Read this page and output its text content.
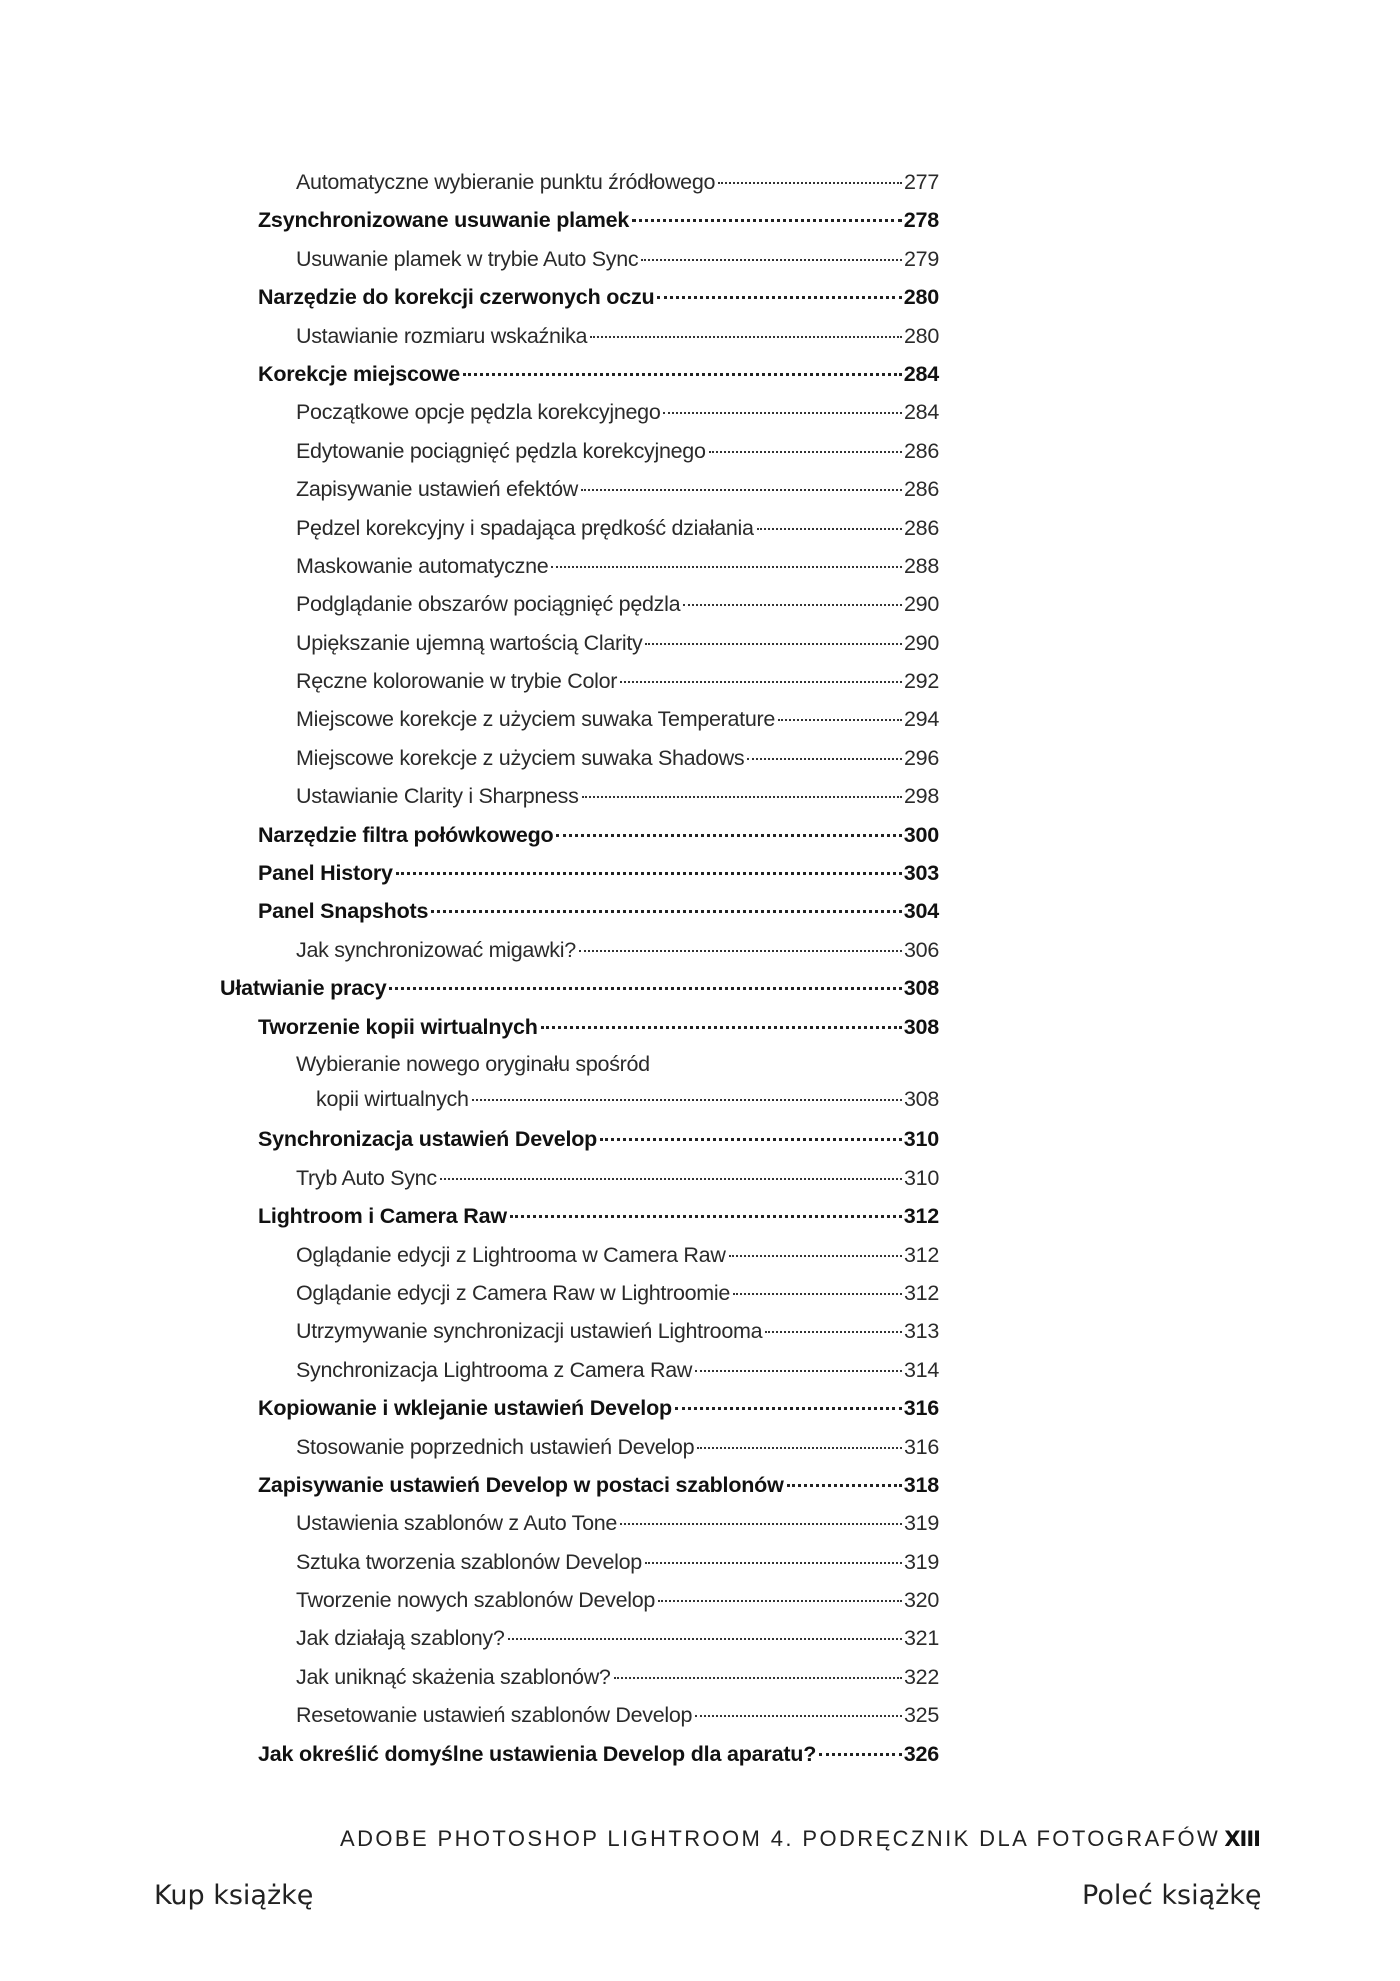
Automatyczne wybieranie punktu źródłowego	277
Zsynchronizowane usuwanie plamek	278
Usuwanie plamek w trybie Auto Sync	279
Narzędzie do korekcji czerwonych oczu	280
Ustawianie rozmiaru wskaźnika	280
Korekcje miejscowe	284
Początkowe opcje pędzla korekcyjnego	284
Edytowanie pociągnięć pędzla korekcyjnego	286
Zapisywanie ustawień efektów	286
Pędzel korekcyjny i spadająca prędkość działania	286
Maskowanie automatyczne	288
Podglądanie obszarów pociągnięć pędzla	290
Upiększanie ujemną wartością Clarity	290
Ręczne kolorowanie w trybie Color	292
Miejscowe korekcje z użyciem suwaka Temperature	294
Miejscowe korekcje z użyciem suwaka Shadows	296
Ustawianie Clarity i Sharpness	298
Narzędzie filtra połówkowego	300
Panel History	303
Panel Snapshots	304
Jak synchronizować migawki?	306
Ułatwianie pracy	308
Tworzenie kopii wirtualnych	308
Wybieranie nowego oryginału spośród
kopii wirtualnych	308
Synchronizacja ustawień Develop	310
Tryb Auto Sync	310
Lightroom i Camera Raw	312
Oglądanie edycji z Lightrooma w Camera Raw	312
Oglądanie edycji z Camera Raw w Lightroomie	312
Utrzymywanie synchronizacji ustawień Lightrooma	313
Synchronizacja Lightrooma z Camera Raw	314
Kopiowanie i wklejanie ustawień Develop	316
Stosowanie poprzednich ustawień Develop	316
Zapisywanie ustawień Develop w postaci szablonów	318
Ustawienia szablonów z Auto Tone	319
Sztuka tworzenia szablonów Develop	319
Tworzenie nowych szablonów Develop	320
Jak działają szablony?	321
Jak uniknąć skażenia szablonów?	322
Resetowanie ustawień szablonów Develop	325
Jak określić domyślne ustawienia Develop dla aparatu?	326
ADOBE PHOTOSHOP LIGHTROOM 4. PODRĘCZNIK DLA FOTOGRAFÓW XIII
Kup książkę	Poleć książkę
